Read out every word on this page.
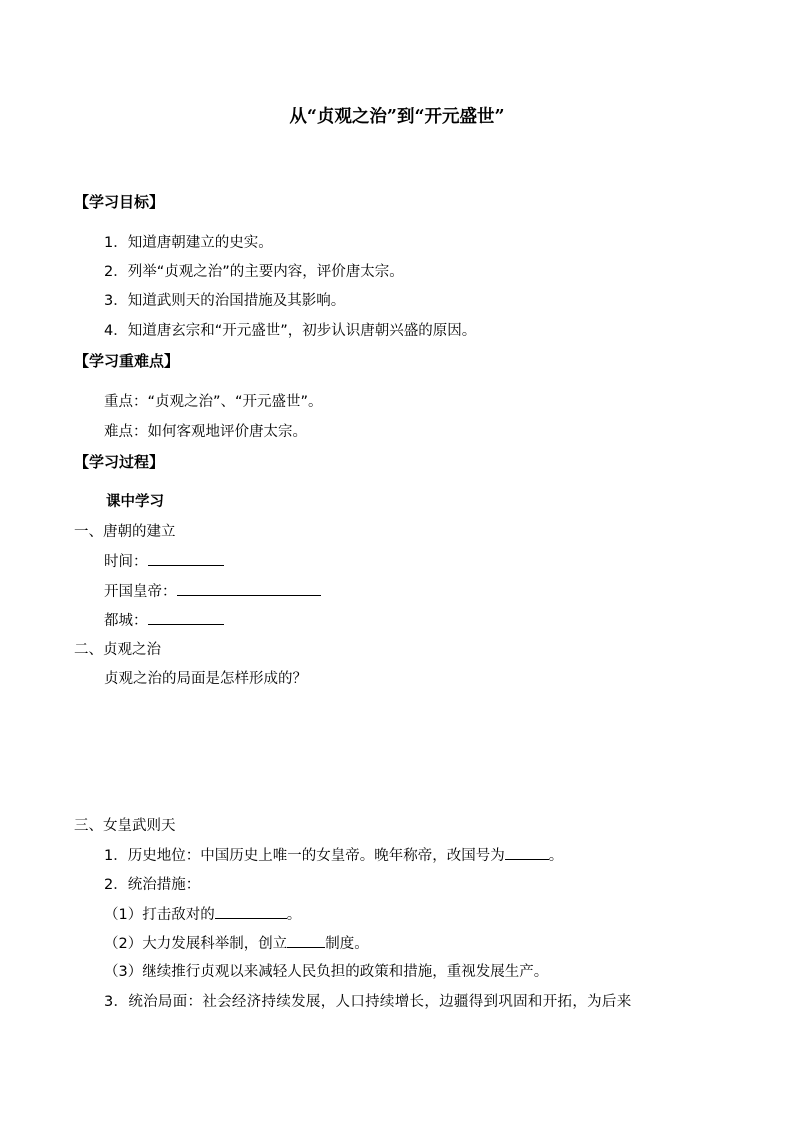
从“贞观之治”到“开元盛世”
【学习目标】
1．知道唐朝建立的史实。
2．列举“贞观之治”的主要内容，评价唐太宗。
3．知道武则天的治国措施及其影响。
4．知道唐玄宗和“开元盛世”，初步认识唐朝兴盛的原因。
【学习重难点】
重点：“贞观之治”、“开元盛世”。
难点：如何客观地评价唐太宗。
【学习过程】
课中学习
一、唐朝的建立
时间：
开国皇帝：
都城：
二、贞观之治
贞观之治的局面是怎样形成的？
三、女皇武则天
1．历史地位：中国历史上唯一的女皇帝。晚年称帝，改国号为	。
2．统治措施：
（1）打击敌对的	。
（2）大力发展科举制，创立	制度。
（3）继续推行贞观以来减轻人民负担的政策和措施，重视发展生产。
3．统治局面：社会经济持续发展，人口持续增长，边疆得到巩固和开拓，为后来
